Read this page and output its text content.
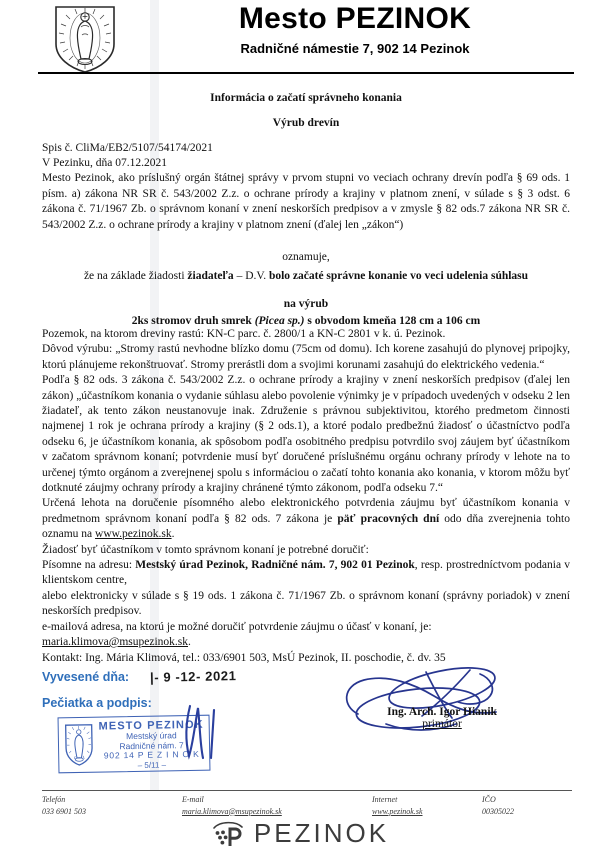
Mesto PEZINOK
Radničné námestie 7, 902 14 Pezinok
Informácia o začatí správneho konania
Výrub drevín
Spis č. CliMa/EB2/5107/54174/2021
V Pezinku, dňa 07.12.2021

Mesto Pezinok, ako príslušný orgán štátnej správy v prvom stupni vo veciach ochrany drevín podľa § 69 ods. 1 písm. a) zákona NR SR č. 543/2002 Z.z. o ochrane prírody a krajiny v platnom znení, v súlade s § 3 odst. 6 zákona č. 71/1967 Zb. o správnom konaní v znení neskorších predpisov a v zmysle § 82 ods.7 zákona NR SR č. 543/2002 Z.z. o ochrane prírody a krajiny v platnom znení (ďalej len „zákon“)

oznamuje,
že na základe žiadosti žiadateľa – D.V. bolo začaté správne konanie vo veci udelenia súhlasu
na výrub
2ks stromov druh smrek (Picea sp.) s obvodom kmeňa 128 cm a 106 cm

Pozemok, na ktorom dreviny rastú: KN-C parc. č. 2800/1 a KN-C 2801 v k. ú. Pezinok.

Dôvod výrubu: „Stromy rastú nevhodne blízko domu (75cm od domu). Ich korene zasahujú do plynovej pripojky, ktorú plánujeme rekonštruovať. Stromy prerástli dom a svojimi korunami zasahujú do elektrického vedenia.“

Podľa § 82 ods. 3 zákona č. 543/2002 Z.z. o ochrane prírody a krajiny v znení neskorších predpisov (ďalej len zákon) „účastníkom konania o vydanie súhlasu alebo povolenie výnimky je v prípadoch uvedených v odseku 2 len žiadateľ, ak tento zákon neustanovuje inak. Združenie s právnou subjektivitou, ktorého predmetom činnosti najmenej 1 rok je ochrana prírody a krajiny (§ 2 ods.1), a ktoré podalo predbežnú žiadosť o účastníctvo podľa odseku 6, je účastníkom konania, ak spôsobom podľa osobitného predpisu potvrdilo svoj záujem byť účastníkom v začatom správnom konaní; potvrdenie musí byť doručené príslušnému orgánu ochrany prírody v lehote na to určenej týmto orgánom a zverejnenej spolu s informáciou o začatí tohto konania ako konania, v ktorom môžu byť dotknuté záujmy ochrany prírody a krajiny chránené týmto zákonom, podľa odseku 7.“

Určená lehota na doručenie písomného alebo elektronického potvrdenia záujmu byť účastníkom konania v predmetnom správnom konaní podľa § 82 ods. 7 zákona je päť pracovných dní odo dňa zverejnenia tohto oznamu na www.pezinok.sk.

Žiadosť byť účastníkom v tomto správnom konaní je potrebné doručiť:

Písomne na adresu: Mestský úrad Pezinok, Radničné nám. 7, 902 01 Pezinok, resp. prostredníctvom podania v klientskom centre,

alebo elektronicky v súlade s § 19 ods. 1 zákona č. 71/1967 Zb. o správnom konaní (správny poriadok) v znení neskorších predpisov.

e-mailová adresa, na ktorú je možné doručiť potvrdenie záujmu o účasť v konaní, je:

maria.klimova@msupezinok.sk.

Kontakt: Ing. Mária Klimová, tel.: 033/6901 503, MsÚ Pezinok, II. poschodie, č. dv. 35

Vyvesené dňa: |- 9 -12- 2021
Pečiatka a podpis:
MESTO PEZINOK
Mestský úrad
Radničné nám. 7
902 14 P E Z I N O K
– 5/11 –
Ing. Arch. Igor Hianik
primátor
Telefón
033 6901 503
E-mail
maria.klimova@msupezinok.sk
Internet
www.pezinok.sk
IČO
00305022
PEZINOK
